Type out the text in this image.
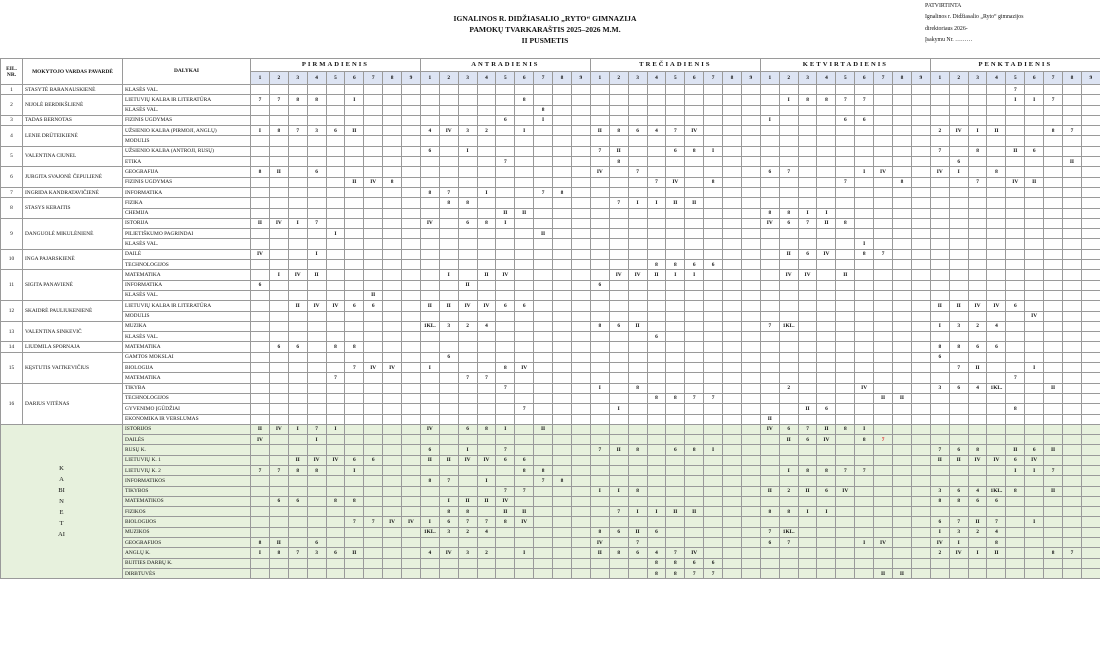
IGNALINOS R. DIDŽIASALIO „RYTO“ GIMNAZIJA
PAMOKŲ TVARKARAŠTIS 2025–2026 M.M.
II PUSMETIS
PATVIRTINTA
Ignalinos r. Didžiasalio „Ryto“ gimnazijos
direktoriaus 2026-
Įsakymu Nr. ………
EIL. NR.	MOKYTOJO VARDAS PAVARDĖ	DALYKAI	PIRMADIENIS									ANTRADIENIS									TREČIADIENIS									KETVIRTADIENIS									PENKTADIENIS								
			1	2	3	4	5	6	7	8	9	1	2	3	4	5	6	7	8	9	1	2	3	4	5	6	7	8	9	1	2	3	4	5	6	7	8	9	1	2	3	4	5	6	7	8	9
1	STASYTĖ BARANAUSKIENĖ	KLASĖS VAL.																																									7				
2	NIJOLĖ BERDIKŠLIENĖ	LIETUVIŲ KALBA IR LITERATŪRA	7	7	8	8		I									8														I	8	8	7	7								I	I	7		
		KLASĖS VAL.																8																													
3	TADAS BERNOTAS	FIZINIS UGDYMAS														6		I												I				6	6												
4	LENIE DRŪTEIKIENĖ	UŽSIENIO KALBA (PIRMOJI, ANGLŲ)	I	8	7	3	6	II				4	IV	3	2		I				II	8	6	4	7	IV													2	IV	I	II			8	7	
		MODULIS																																													
5	VALENTINA CIUNEL	UŽSIENIO KALBA (ANTROJI, RUSŲ)										6		I							7	II			6	8	I												7		8		II	6			
		ETIKA														7						8																		6						II	
6	JURGITA SVAJONĖ ČEPULIENĖ	GEOGRAFIJA	8	II		6															IV		7							6	7				I	IV			IV	I		8					
		FIZINIS UGDYMAS						II	IV	8														7	IV		8							7			8				7		IV	II			
7	INGRIDA KANDRATAVIČIENĖ	INFORMATIKA										8	7		I			7	8																												
8	STASYS KERAITIS	FIZIKA											8	8								7	I	I	II	II																					
		CHEMIJA														II	II													8	8	I	I														
9	DANGUOLĖ MIKULĖNIENĖ	ISTORIJA	II	IV	I	7						IV		6	8	I														IV	6	7	II	8													
		PILIETIŠKUMO PAGRINDAI					I											II																													
		KLASĖS VAL.																																	I												
10	INGA PAJARSKIENĖ	DAILĖ	IV			I																									II	6	IV		8	7											
		TECHNOLOGIJOS																						8	8	6	6																				
11	SIGITA PANAVIENĖ	MATEMATIKA		I	IV	II							I		II	IV						IV	IV	II	I	I					IV	IV		II													
		INFORMATIKA	6											II							6																										
		KLASĖS VAL.							II																																						
12	SKAIDRĖ PAULIUKENIENĖ	LIETUVIŲ KALBA IR LITERATŪRA			II	IV	IV	6	6			II	II	IV	IV	6	6																						II	II	IV	IV	6				
		MODULIS																																										IV			
13	VALENTINA SINKEVIČ	MUZIKA										1KL.	3	2	4						8	6	II							7	1KL.								I	3	2	4					
		KLASĖS VAL.																						6																							
14	LIUDMILA SPORNAJA	MATEMATIKA		6	6		8	8																															8	8	6	6					
15	KĘSTUTIS VAITKEVIČIUS	GAMTOS MOKSLAI											6																										6								
		BIOLOGIJA						7	IV	IV		I				8	IV																							7	II			I			
		MATEMATIKA					7							7	7																												7				
16	DARIUS VITĖNAS	TIKYBA														7					I		8								2				IV				3	6	4	1KL.			II		
		TECHNOLOGIJOS																						8	8	7	7									II	II										
		GYVENIMO ĮGŪDŽIAI															7					I										II	6										8				
		EKONOMIKA IR VERSLUMAS																												II																	
KABINETAI		ISTORIJOS	II	IV	I	7	I					IV		6	8	I		II												IV	6	7	II	8	I												
		DAILĖS	IV			I																									II	6	IV		8	7											
		RUSŲ K.										6		I		7					7	II	8		6	8	I												7	6	8		II	6	II		
		LIETUVIŲ K. 1			II	IV	IV	6	6			II	II	IV	IV	6	6																						II	II	IV	IV	6	IV			
		LIETUVIŲ K. 2	7	7	8	8		I									8	8													I	8	8	7	7								I	I	7		
		INFORMATIKOS										8	7		I			7	8																												
		TIKYBOS														7	7				I	I	8							II	2	II	6	IV					3	6	4	1KL.	8		II		
		MATEMATIKOS		6	6		8	8					I	II	II	IV																							8	8	6	6					
		FIZIKOS											8	8		II	II					7	I	I	II	II				8	8	I	I														
		BIOLOGIJOS						7	7	IV	IV	I	6	7	7	8	IV																						6	7	II	7		I			
		MUZIKOS										1KL.	3	2	4						8	6	II	6						7	1KL.								I	3	2	4					
		GEOGRAFIJOS	8	II		6															IV		7							6	7				I	IV			IV	I		8					
		ANGLŲ K.	I	8	7	3	6	II				4	IV	3	2		I				II	8	6	4	7	IV													2	IV	I	II			8	7	
		BUITIES DARBŲ K.																						8	8	6	6																				
		DIRBTUVĖS																						8	8	7	7									II	II										
